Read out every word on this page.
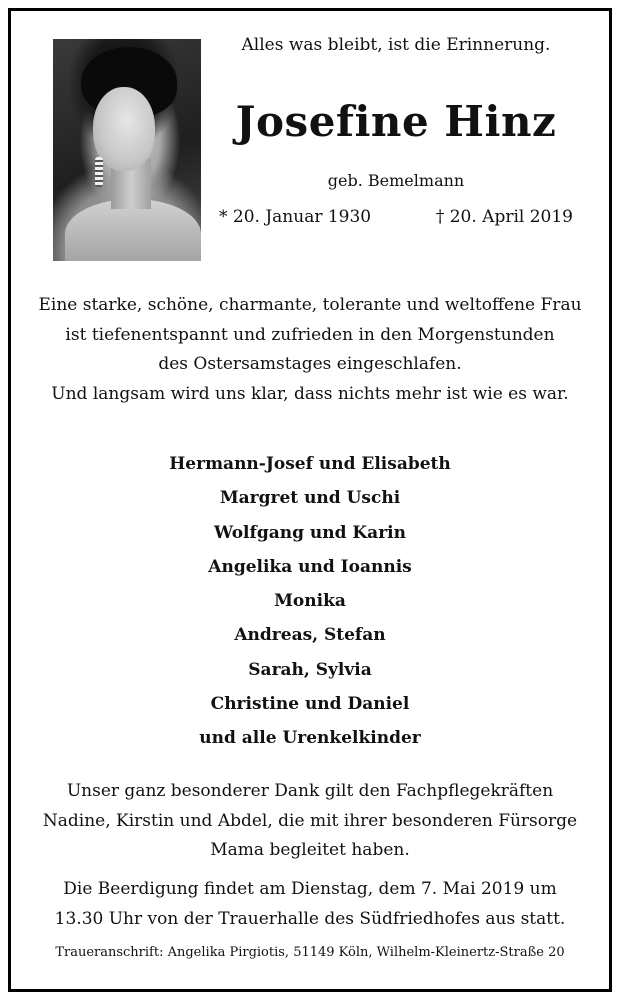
Alles was bleibt, ist die Erinnerung.
Josefine Hinz
geb. Bemelmann
* 20. Januar 1930	† 20. April 2019
Eine starke, schöne, charmante, tolerante und weltoffene Frau
ist tiefenentspannt und zufrieden in den Morgenstunden
des Ostersamstages eingeschlafen.
Und langsam wird uns klar, dass nichts mehr ist wie es war.
Hermann-Josef und Elisabeth
Margret und Uschi
Wolfgang und Karin
Angelika und Ioannis
Monika
Andreas, Stefan
Sarah, Sylvia
Christine und Daniel
und alle Urenkelkinder
Unser ganz besonderer Dank gilt den Fachpflegekräften
Nadine, Kirstin und Abdel, die mit ihrer besonderen Fürsorge
Mama begleitet haben.
Die Beerdigung findet am Dienstag, dem 7. Mai 2019 um
13.30 Uhr von der Trauerhalle des Südfriedhofes aus statt.
Traueranschrift: Angelika Pirgiotis, 51149 Köln, Wilhelm-Kleinertz-Straße 20
